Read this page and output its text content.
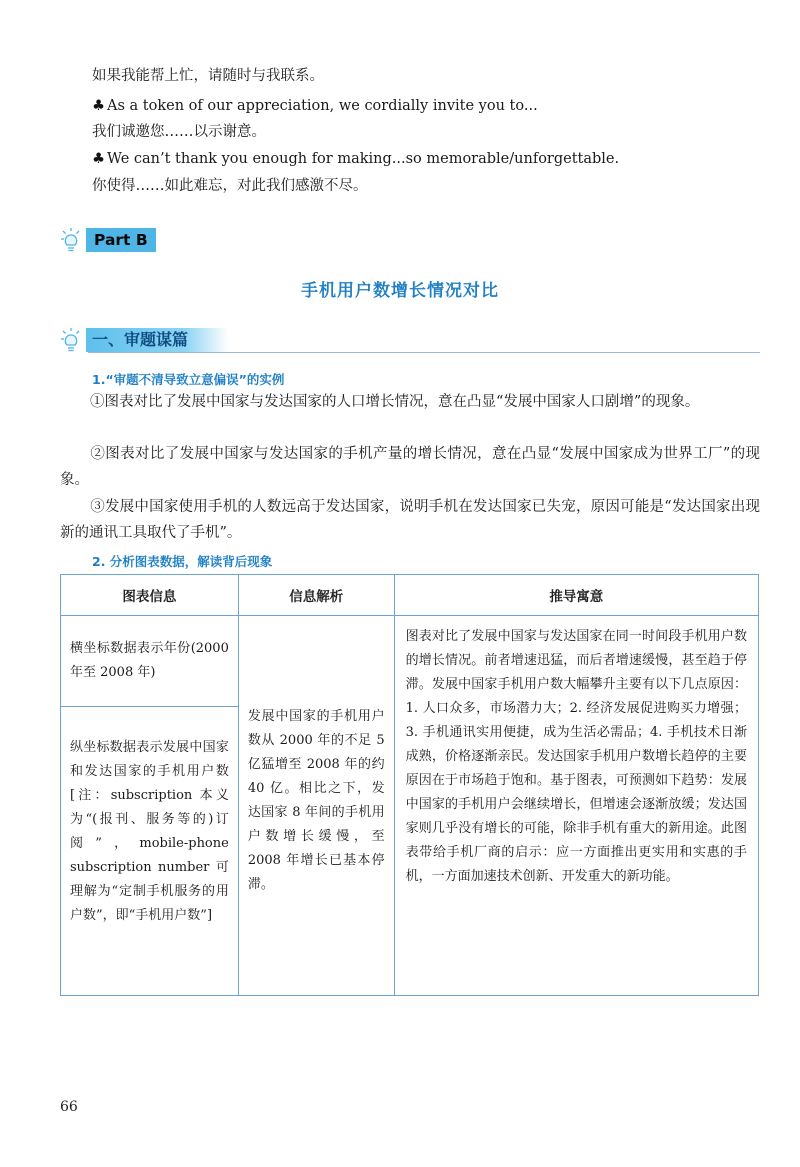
如果我能帮上忙，请随时与我联系。
♣ As a token of our appreciation, we cordially invite you to...
我们诚邀您……以示谢意。
♣ We can’t thank you enough for making...so memorable/unforgettable.
你使得……如此难忘，对此我们感激不尽。
Part B
手机用户数增长情况对比
一、审题谋篇
1.“审题不清导致立意偏误”的实例
①图表对比了发展中国家与发达国家的人口增长情况，意在凸显“发展中国家人口剧增”的现象。
②图表对比了发展中国家与发达国家的手机产量的增长情况，意在凸显“发展中国家成为世界工厂”的现象。
③发展中国家使用手机的人数远高于发达国家，说明手机在发达国家已失宠，原因可能是“发达国家出现新的通讯工具取代了手机”。
2. 分析图表数据，解读背后现象
图表信息	信息解析	推导寓意

横坐标数据表示年份(2000 年至 2008 年)	发展中国家的手机用户数从 2000 年的不足 5 亿猛增至 2008 年的约 40 亿。相比之下，发达国家 8 年间的手机用户数增长缓慢，至 2008 年增长已基本停滞。	图表对比了发展中国家与发达国家在同一时间段手机用户数的增长情况。前者增速迅猛，而后者增速缓慢，甚至趋于停滞。发展中国家手机用户数大幅攀升主要有以下几点原因：1. 人口众多，市场潜力大；2. 经济发展促进购买力增强；3. 手机通讯实用便捷，成为生活必需品；4. 手机技术日渐成熟，价格逐渐亲民。发达国家手机用户数增长趋停的主要原因在于市场趋于饱和。基于图表，可预测如下趋势：发展中国家的手机用户会继续增长，但增速会逐渐放缓；发达国家则几乎没有增长的可能，除非手机有重大的新用途。此图表带给手机厂商的启示：应一方面推出更实用和实惠的手机，一方面加速技术创新、开发重大的新功能。

纵坐标数据表示发展中国家和发达国家的手机用户数[注：subscription 本义为“(报刊、服务等的)订阅”，mobile-phone subscription number 可理解为“定制手机服务的用户数”，即“手机用户数”]		
66
